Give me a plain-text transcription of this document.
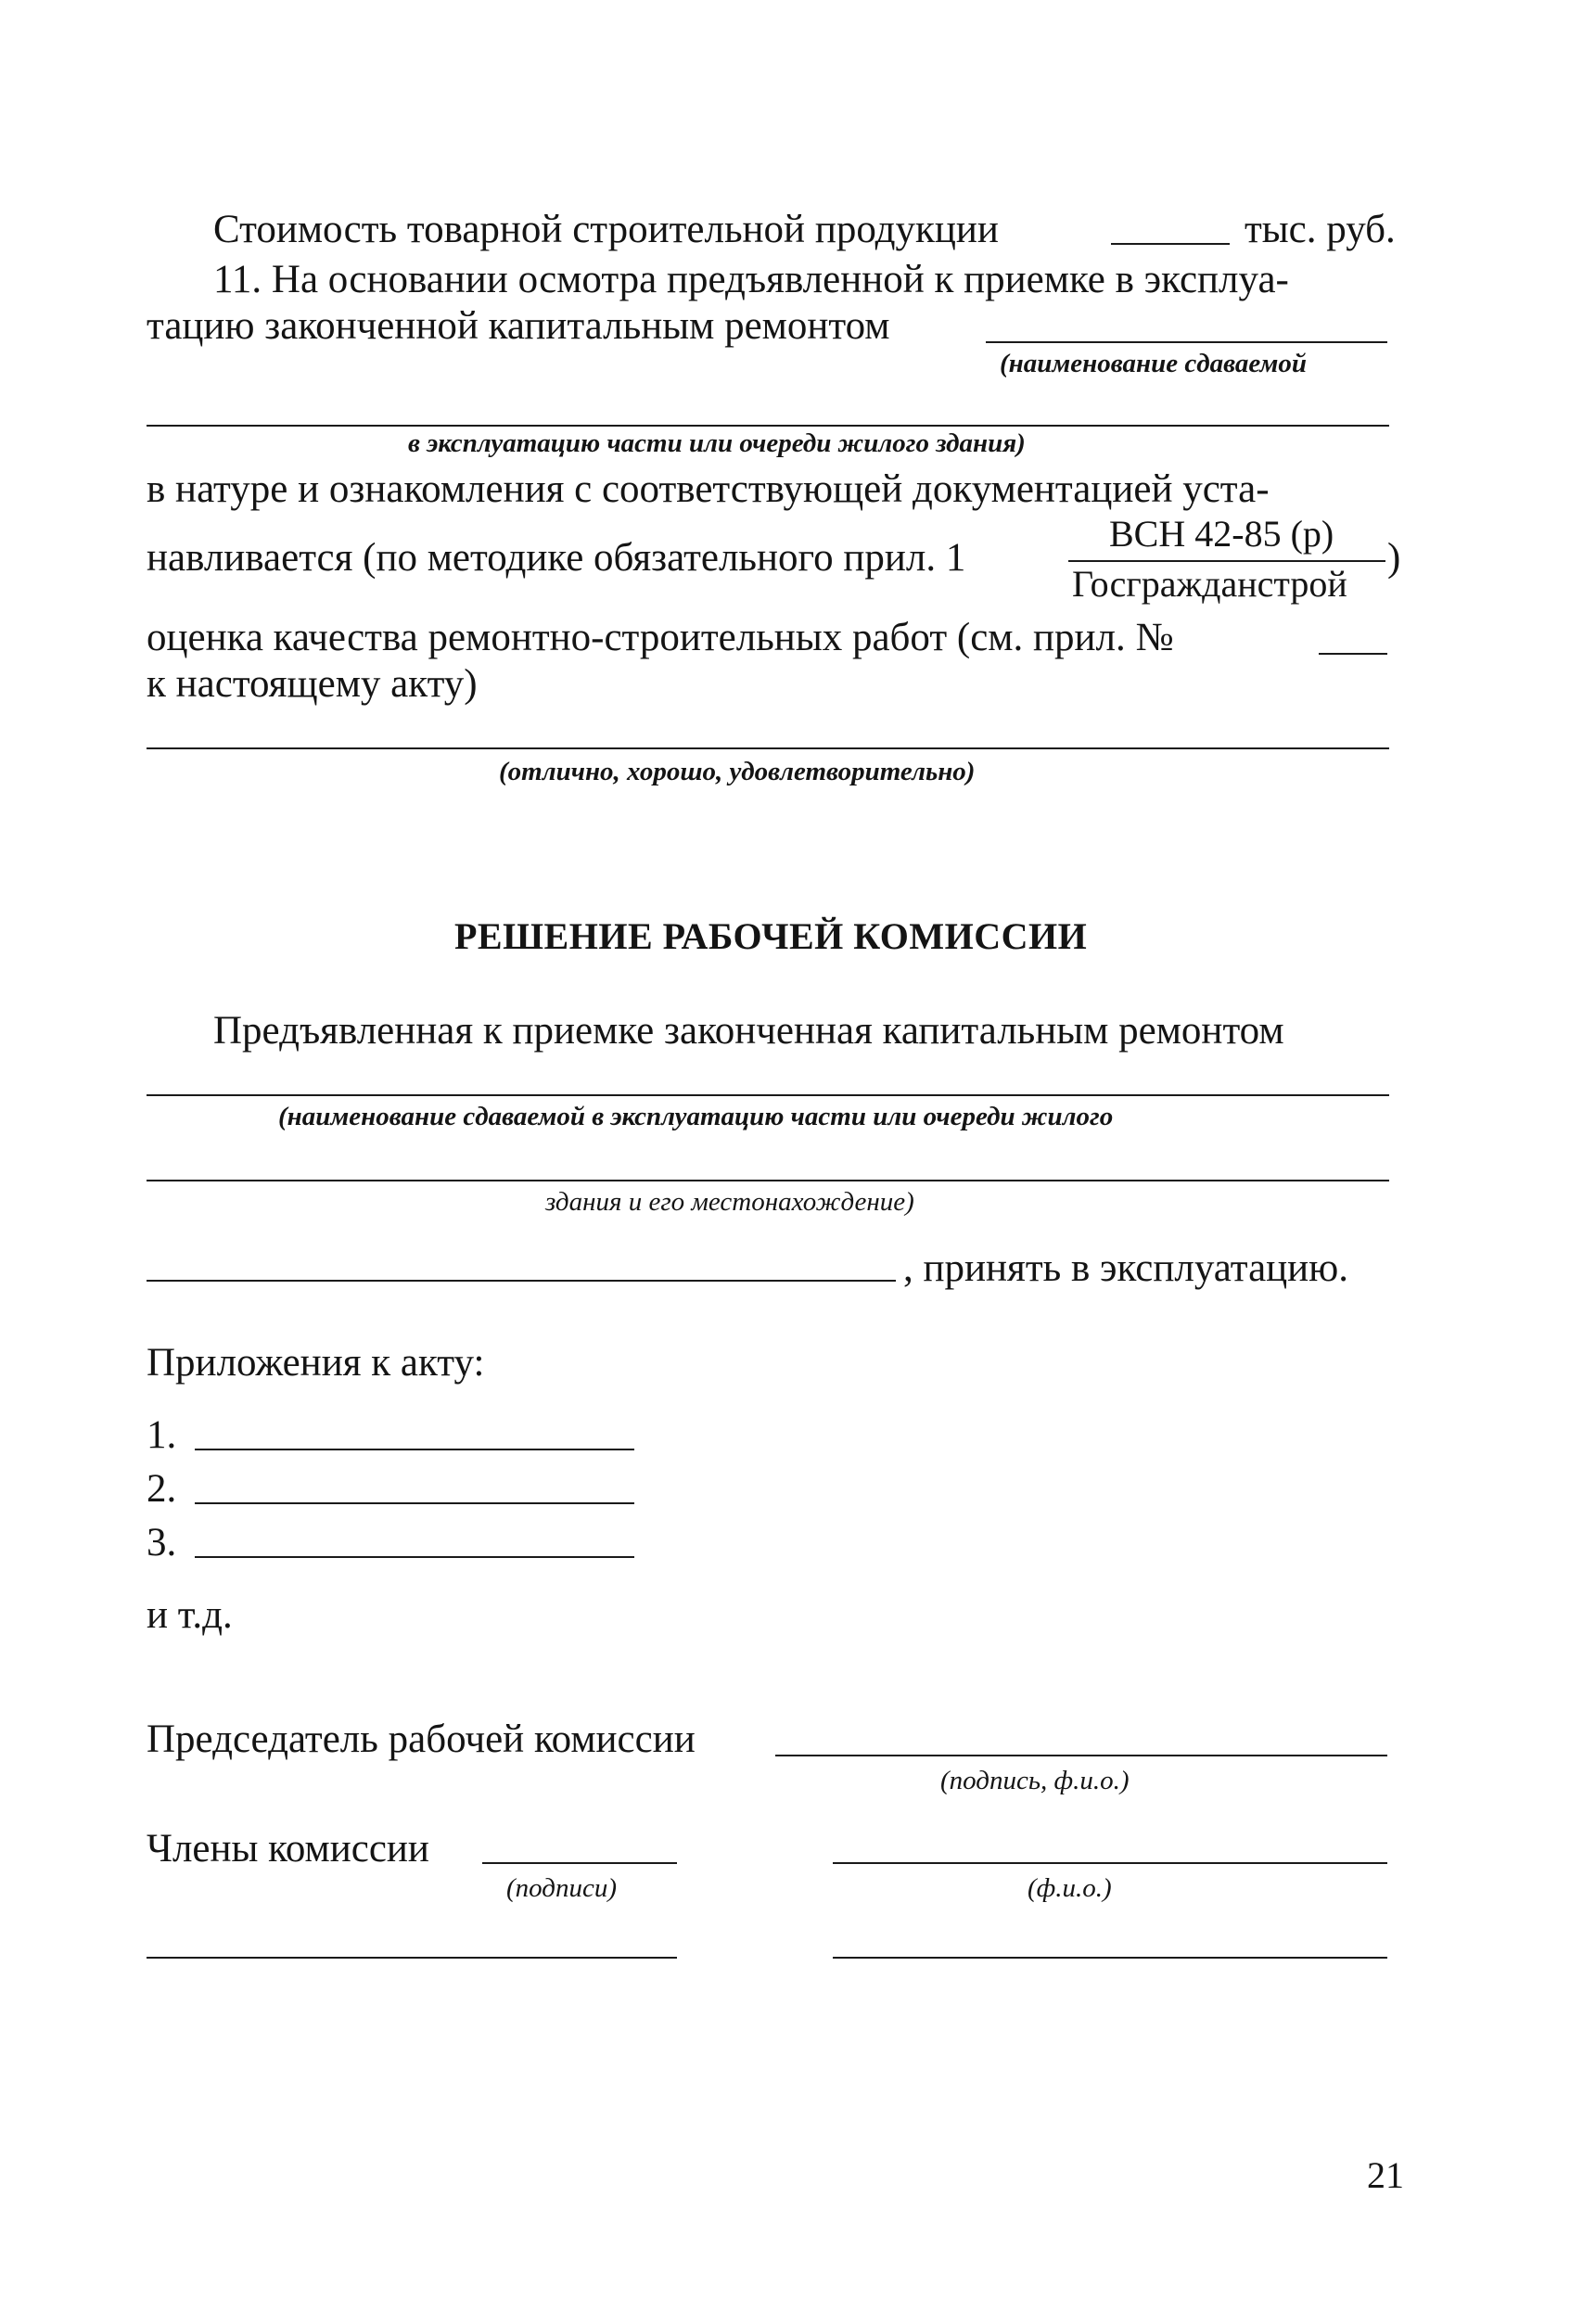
Стоимость товарной строительной продукции	тыс. руб.
11. На основании осмотра предъявленной к приемке в эксплуа-
тацию законченной капитальным ремонтом
(наименование сдаваемой
в эксплуатацию части или очереди жилого здания)
в натуре и ознакомления с соответствующей документацией уста-
навливается (по методике обязательного прил. 1
ВСН 42-85 (р)
Госгражданстрой
)
оценка качества ремонтно-строительных работ (см. прил. №
к настоящему акту)
(отлично, хорошо, удовлетворительно)
РЕШЕНИЕ РАБОЧЕЙ КОМИССИИ
Предъявленная к приемке законченная капитальным ремонтом
(наименование сдаваемой в эксплуатацию части или очереди жилого
здания и его местонахождение)
, принять в эксплуатацию.
Приложения к акту:
1.
2.
3.
и т.д.
Председатель рабочей комиссии
(подпись, ф.и.о.)
Члены комиссии
(подписи)	(ф.и.о.)
21
